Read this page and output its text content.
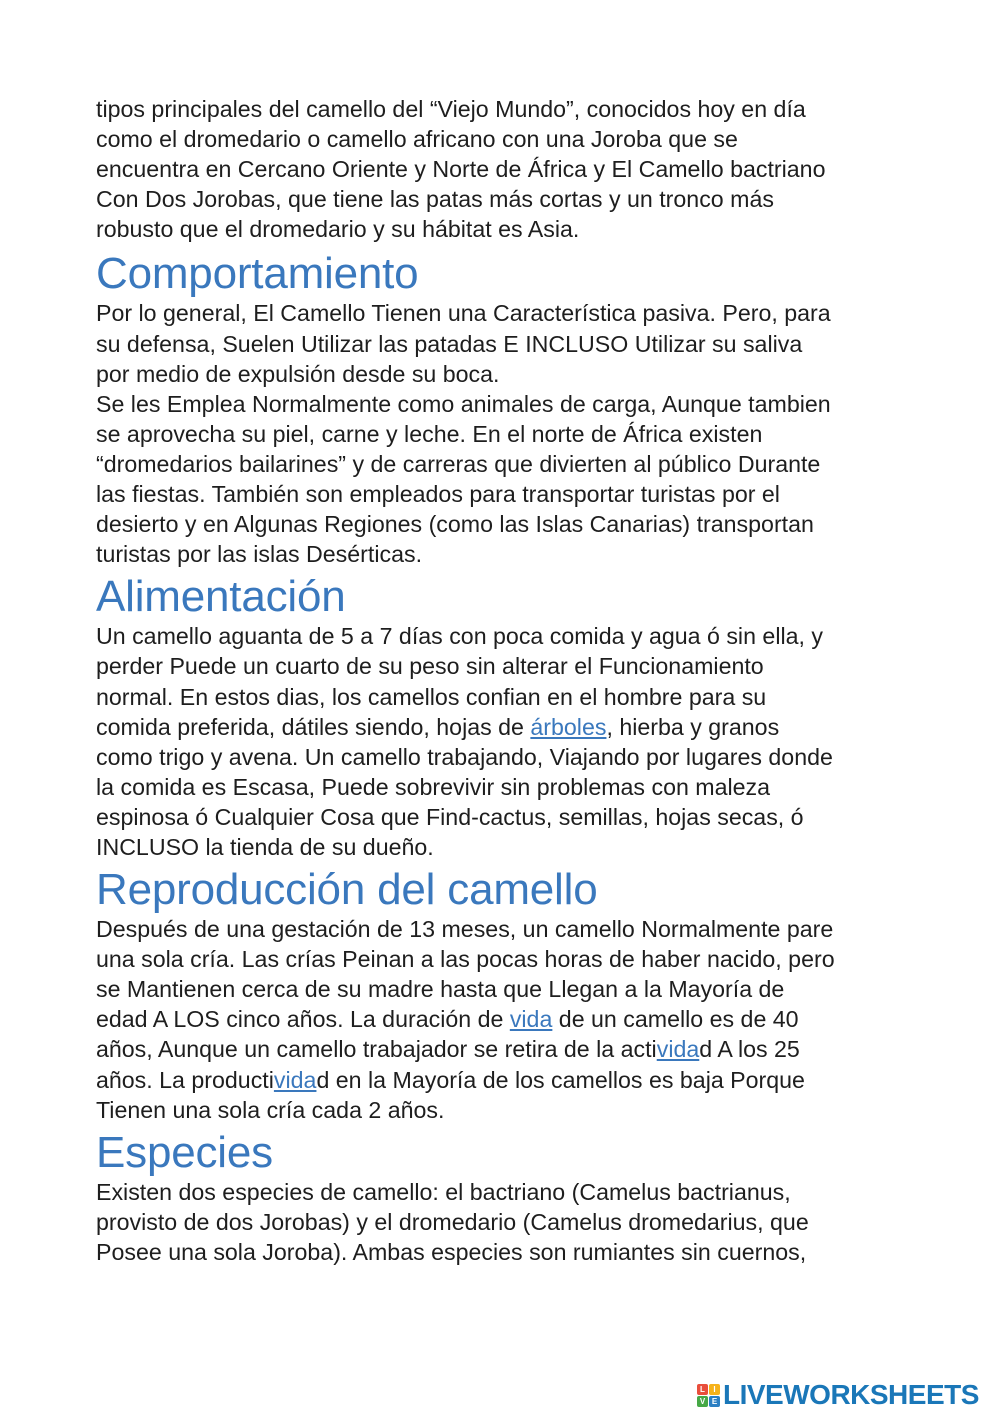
tipos principales del camello del “Viejo Mundo”, conocidos hoy en día

como el dromedario o camello africano con una Joroba que se

encuentra en Cercano Oriente y Norte de África y El Camello bactriano

Con Dos Jorobas, que tiene las patas más cortas y un tronco más

robusto que el dromedario y su hábitat es Asia.

Comportamiento

Por lo general, El Camello Tienen una Característica pasiva. Pero, para

su defensa, Suelen Utilizar las patadas E INCLUSO Utilizar su saliva

por medio de expulsión desde su boca.

Se les Emplea Normalmente como animales de carga, Aunque tambien

se aprovecha su piel, carne y leche. En el norte de África existen

“dromedarios bailarines” y de carreras que divierten al público Durante

las fiestas. También son empleados para transportar turistas por el

desierto y en Algunas Regiones (como las Islas Canarias) transportan

turistas por las islas Desérticas.

Alimentación

Un camello aguanta de 5 a 7 días con poca comida y agua ó sin ella, y

perder Puede un cuarto de su peso sin alterar el Funcionamiento

normal. En estos dias, los camellos confian en el hombre para su

comida preferida, dátiles siendo, hojas de árboles, hierba y granos

como trigo y avena. Un camello trabajando, Viajando por lugares donde

la comida es Escasa, Puede sobrevivir sin problemas con maleza

espinosa ó Cualquier Cosa que Find-cactus, semillas, hojas secas, ó

INCLUSO la tienda de su dueño.

Reproducción del camello

Después de una gestación de 13 meses, un camello Normalmente pare

una sola cría. Las crías Peinan a las pocas horas de haber nacido, pero

se Mantienen cerca de su madre hasta que Llegan a la Mayoría de

edad A LOS cinco años. La duración de vida de un camello es de 40

años, Aunque un camello trabajador se retira de la actividad A los 25

años. La productividad en la Mayoría de los camellos es baja Porque

Tienen una sola cría cada 2 años.

Especies

Existen dos especies de camello: el bactriano (Camelus bactrianus,

provisto de dos Jorobas) y el dromedario (Camelus dromedarius, que

Posee una sola Joroba). Ambas especies son rumiantes sin cuernos,

L	I
V E LIVEWORKSHEETS
